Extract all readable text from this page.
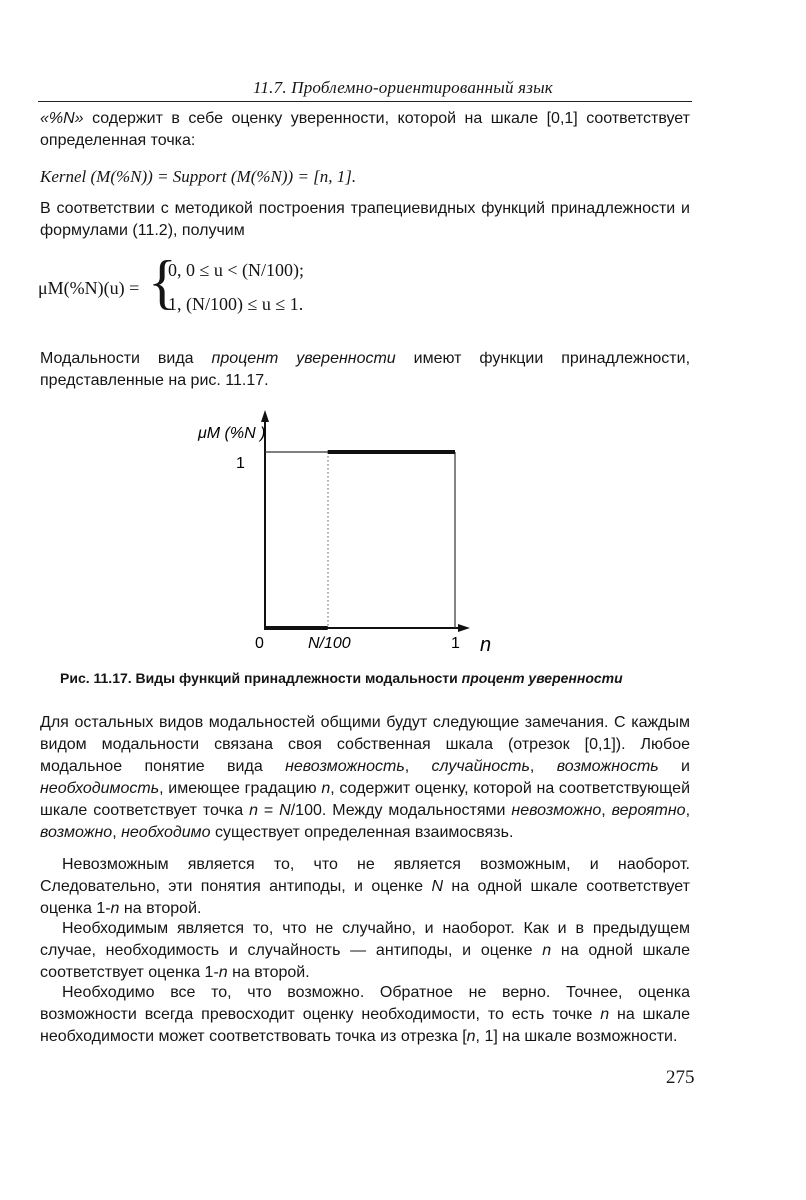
11.7. Проблемно-ориентированный язык
«%N» содержит в себе оценку уверенности, которой на шкале [0,1] соответствует определенная точка:
Kernel (M(%N)) = Support (M(%N)) = [n, 1].
В соответствии с методикой построения трапециевидных функций принадлежности и формулами (11.2), получим
μM(%N)(u) = {
0, 0 ≤ u < (N/100);
1, (N/100) ≤ u ≤ 1.
Модальности вида процент уверенности имеют функции принадлежности, представленные на рис. 11.17.
μM (%N )
1
0	N/100	1 n
Рис. 11.17. Виды функций принадлежности модальности процент уверенности
Для остальных видов модальностей общими будут следующие замечания. С каждым видом модальности связана своя собственная шкала (отрезок [0,1]). Любое модальное понятие вида невозможность, случайность, возможность и необходимость, имеющее градацию n, содержит оценку, которой на соответствующей шкале соответствует точка n = N/100. Между модальностями невозможно, вероятно, возможно, необходимо существует определенная взаимосвязь.
Невозможным является то, что не является возможным, и наоборот. Следовательно, эти понятия антиподы, и оценке N на одной шкале соответствует оценка 1-n на второй.
Необходимым является то, что не случайно, и наоборот. Как и в предыдущем случае, необходимость и случайность — антиподы, и оценке n на одной шкале соответствует оценка 1-n на второй.
Необходимо все то, что возможно. Обратное не верно. Точнее, оценка возможности всегда превосходит оценку необходимости, то есть точке n на шкале необходимости может соответствовать точка из отрезка [n, 1] на шкале возможности.
275
